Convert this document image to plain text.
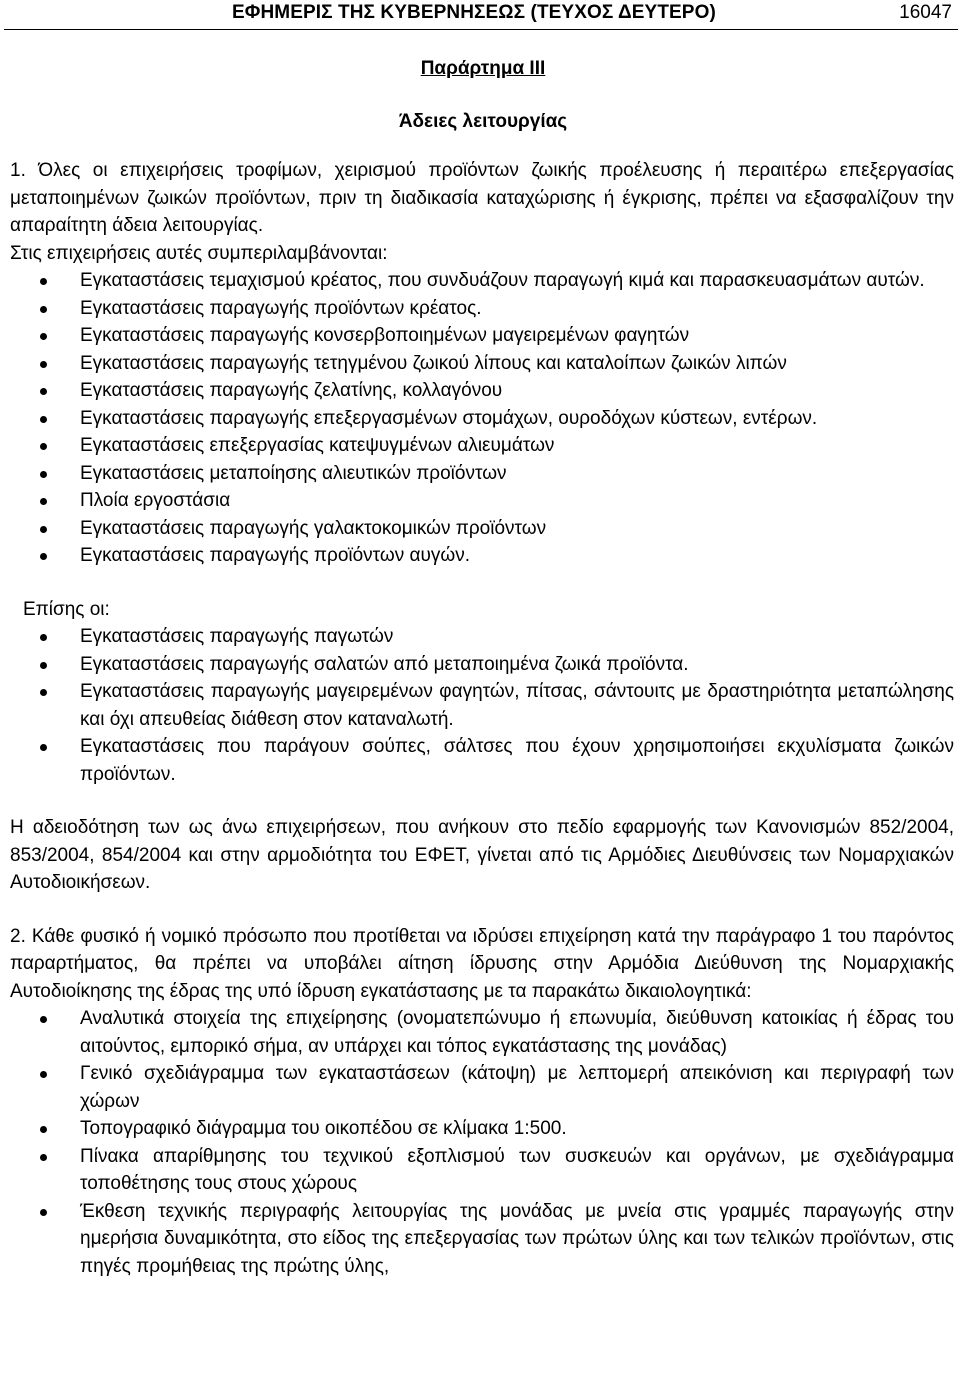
ΕΦΗΜΕΡΙΣ ΤΗΣ ΚΥΒΕΡΝΗΣΕΩΣ (ΤΕΥΧΟΣ ΔΕΥΤΕΡΟ)	16047
Παράρτημα ΙΙΙ
Άδειες λειτουργίας

1. Όλες οι επιχειρήσεις τροφίμων, χειρισμού προϊόντων ζωικής προέλευσης ή περαιτέρω επεξεργασίας μεταποιημένων ζωικών προϊόντων, πριν τη διαδικασία καταχώρισης ή έγκρισης, πρέπει να εξασφαλίζουν την απαραίτητη άδεια λειτουργίας.

Στις επιχειρήσεις αυτές συμπεριλαμβάνονται:

Εγκαταστάσεις τεμαχισμού κρέατος, που συνδυάζουν παραγωγή κιμά και παρασκευασμάτων αυτών.
Εγκαταστάσεις παραγωγής προϊόντων κρέατος.
Εγκαταστάσεις παραγωγής κονσερβοποιημένων μαγειρεμένων φαγητών
Εγκαταστάσεις παραγωγής τετηγμένου ζωικού λίπους και καταλοίπων ζωικών λιπών
Εγκαταστάσεις παραγωγής ζελατίνης, κολλαγόνου
Εγκαταστάσεις παραγωγής επεξεργασμένων στομάχων, ουροδόχων κύστεων, εντέρων.
Εγκαταστάσεις επεξεργασίας κατεψυγμένων αλιευμάτων
Εγκαταστάσεις μεταποίησης αλιευτικών προϊόντων
Πλοία εργοστάσια
Εγκαταστάσεις παραγωγής γαλακτοκομικών προϊόντων
Εγκαταστάσεις παραγωγής προϊόντων αυγών.

Επίσης οι:

Εγκαταστάσεις παραγωγής παγωτών
Εγκαταστάσεις παραγωγής σαλατών από μεταποιημένα ζωικά προϊόντα.
Εγκαταστάσεις παραγωγής μαγειρεμένων φαγητών, πίτσας, σάντουιτς με δραστηριότητα μεταπώλησης και όχι απευθείας διάθεση στον καταναλωτή.
Εγκαταστάσεις που παράγουν σούπες, σάλτσες που έχουν χρησιμοποιήσει εκχυλίσματα ζωικών προϊόντων.

Η αδειοδότηση των ως άνω επιχειρήσεων, που ανήκουν στο πεδίο εφαρμογής των Κανονισμών 852/2004, 853/2004, 854/2004 και στην αρμοδιότητα του ΕΦΕΤ, γίνεται από τις Αρμόδιες Διευθύνσεις των Νομαρχιακών Αυτοδιοικήσεων.

2. Κάθε φυσικό ή νομικό πρόσωπο που προτίθεται να ιδρύσει επιχείρηση κατά την παράγραφο 1 του παρόντος παραρτήματος, θα πρέπει να υποβάλει αίτηση ίδρυσης στην Αρμόδια Διεύθυνση της Νομαρχιακής Αυτοδιοίκησης της έδρας της υπό ίδρυση εγκατάστασης με τα παρακάτω δικαιολογητικά:

Αναλυτικά στοιχεία της επιχείρησης (ονοματεπώνυμο ή επωνυμία, διεύθυνση κατοικίας ή έδρας του αιτούντος, εμπορικό σήμα, αν υπάρχει και τόπος εγκατάστασης της μονάδας)
Γενικό σχεδιάγραμμα των εγκαταστάσεων (κάτοψη) με λεπτομερή απεικόνιση και περιγραφή των χώρων
Τοπογραφικό διάγραμμα του οικοπέδου σε κλίμακα 1:500.
Πίνακα απαρίθμησης του τεχνικού εξοπλισμού των συσκευών και οργάνων, με σχεδιάγραμμα τοποθέτησης τους στους χώρους
Έκθεση τεχνικής περιγραφής λειτουργίας της μονάδας με μνεία στις γραμμές παραγωγής στην ημερήσια δυναμικότητα, στο είδος της επεξεργασίας των πρώτων ύλης και των τελικών προϊόντων, στις πηγές προμήθειας της πρώτης ύλης,
